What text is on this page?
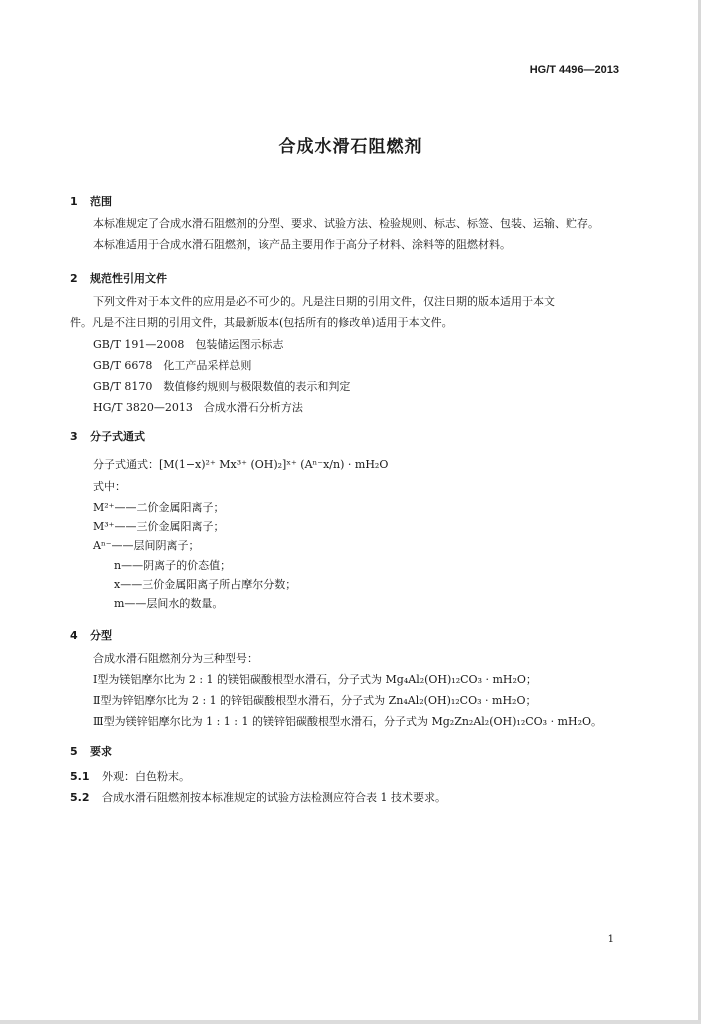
HG/T 4496—2013
合成水滑石阻燃剂
1 范围
本标准规定了合成水滑石阻燃剂的分型、要求、试验方法、检验规则、标志、标签、包装、运输、贮存。
本标准适用于合成水滑石阻燃剂，该产品主要用作于高分子材料、涂料等的阻燃材料。
2 规范性引用文件
下列文件对于本文件的应用是必不可少的。凡是注日期的引用文件，仅注日期的版本适用于本文
件。凡是不注日期的引用文件，其最新版本(包括所有的修改单)适用于本文件。
GB/T 191—2008　包装储运图示标志
GB/T 6678　化工产品采样总则
GB/T 8170　数值修约规则与极限数值的表示和判定
HG/T 3820—2013　合成水滑石分析方法
3 分子式通式
分子式通式：[M(1−x)²⁺ Mx³⁺ (OH)₂]ˣ⁺ (Aⁿ⁻x/n) · mH₂O
式中：
M²⁺——二价金属阳离子；
M³⁺——三价金属阳离子；
Aⁿ⁻——层间阴离子；
n——阴离子的价态值；
x——三价金属阳离子所占摩尔分数；
m——层间水的数量。
4 分型
合成水滑石阻燃剂分为三种型号：
Ⅰ型为镁铝摩尔比为 2 : 1 的镁铝碳酸根型水滑石，分子式为 Mg₄Al₂(OH)₁₂CO₃ · mH₂O；
Ⅱ型为锌铝摩尔比为 2 : 1 的锌铝碳酸根型水滑石，分子式为 Zn₄Al₂(OH)₁₂CO₃ · mH₂O；
Ⅲ型为镁锌铝摩尔比为 1 : 1 : 1 的镁锌铝碳酸根型水滑石，分子式为 Mg₂Zn₂Al₂(OH)₁₂CO₃ · mH₂O。
5 要求
5.1 外观：白色粉末。
5.2 合成水滑石阻燃剂按本标准规定的试验方法检测应符合表 1 技术要求。
1
